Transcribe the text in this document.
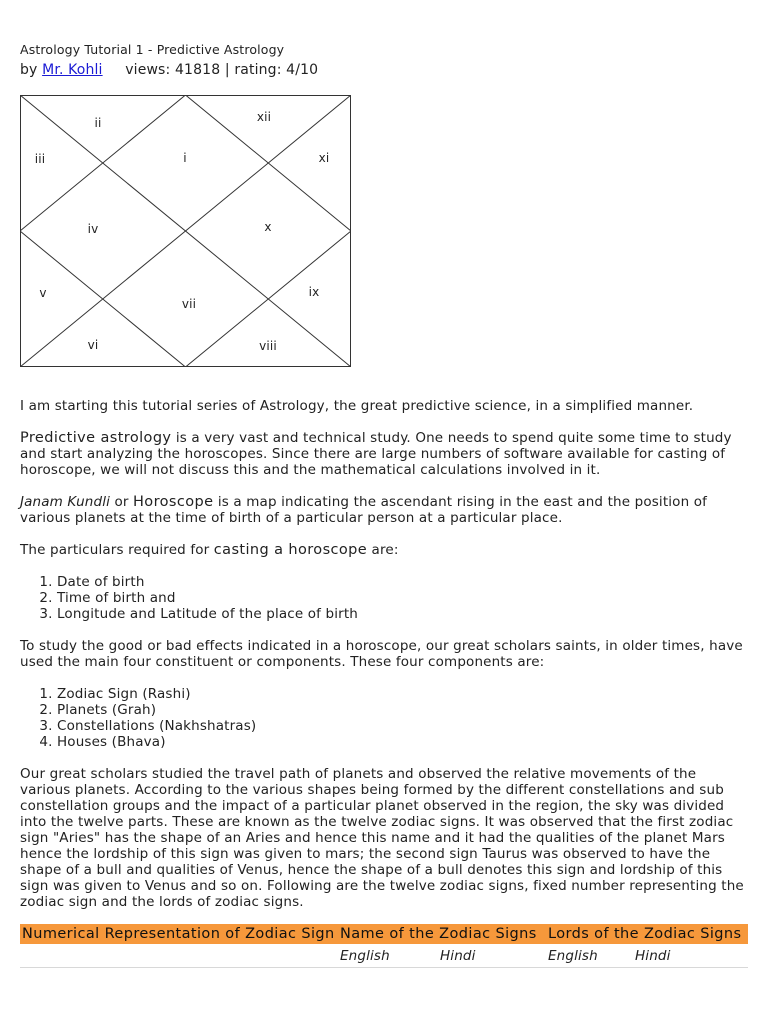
Astrology Tutorial 1 - Predictive Astrology
by Mr. Kohli views: 41818 | rating: 4/10
i
ii
iii
iv
v
vi
vii
viii
ix
x
xi
xii

I am starting this tutorial series of Astrology, the great predictive science, in a simplified manner.

Predictive astrology is a very vast and technical study. One needs to spend quite some time to study and start analyzing the horoscopes. Since there are large numbers of software available for casting of horoscope, we will not discuss this and the mathematical calculations involved in it.

Janam Kundli or Horoscope is a map indicating the ascendant rising in the east and the position of various planets at the time of birth of a particular person at a particular place.

The particulars required for casting a horoscope are:

1. Date of birth
2. Time of birth and
3. Longitude and Latitude of the place of birth

To study the good or bad effects indicated in a horoscope, our great scholars saints, in older times, have used the main four constituent or components. These four components are:

1. Zodiac Sign (Rashi)
2. Planets (Grah)
3. Constellations (Nakhshatras)
4. Houses (Bhava)

Our great scholars studied the travel path of planets and observed the relative movements of the various planets. According to the various shapes being formed by the different constellations and sub constellation groups and the impact of a particular planet observed in the region, the sky was divided into the twelve parts. These are known as the twelve zodiac signs. It was observed that the first zodiac sign "Aries" has the shape of an Aries and hence this name and it had the qualities of the planet Mars hence the lordship of this sign was given to mars; the second sign Taurus was observed to have the shape of a bull and qualities of Venus, hence the shape of a bull denotes this sign and lordship of this sign was given to Venus and so on. Following are the twelve zodiac signs, fixed number representing the zodiac sign and the lords of zodiac signs.

Numerical Representation of Zodiac Sign	Name of the Zodiac Signs	Lords of the Zodiac Signs

	English Hindi	English Hindi
